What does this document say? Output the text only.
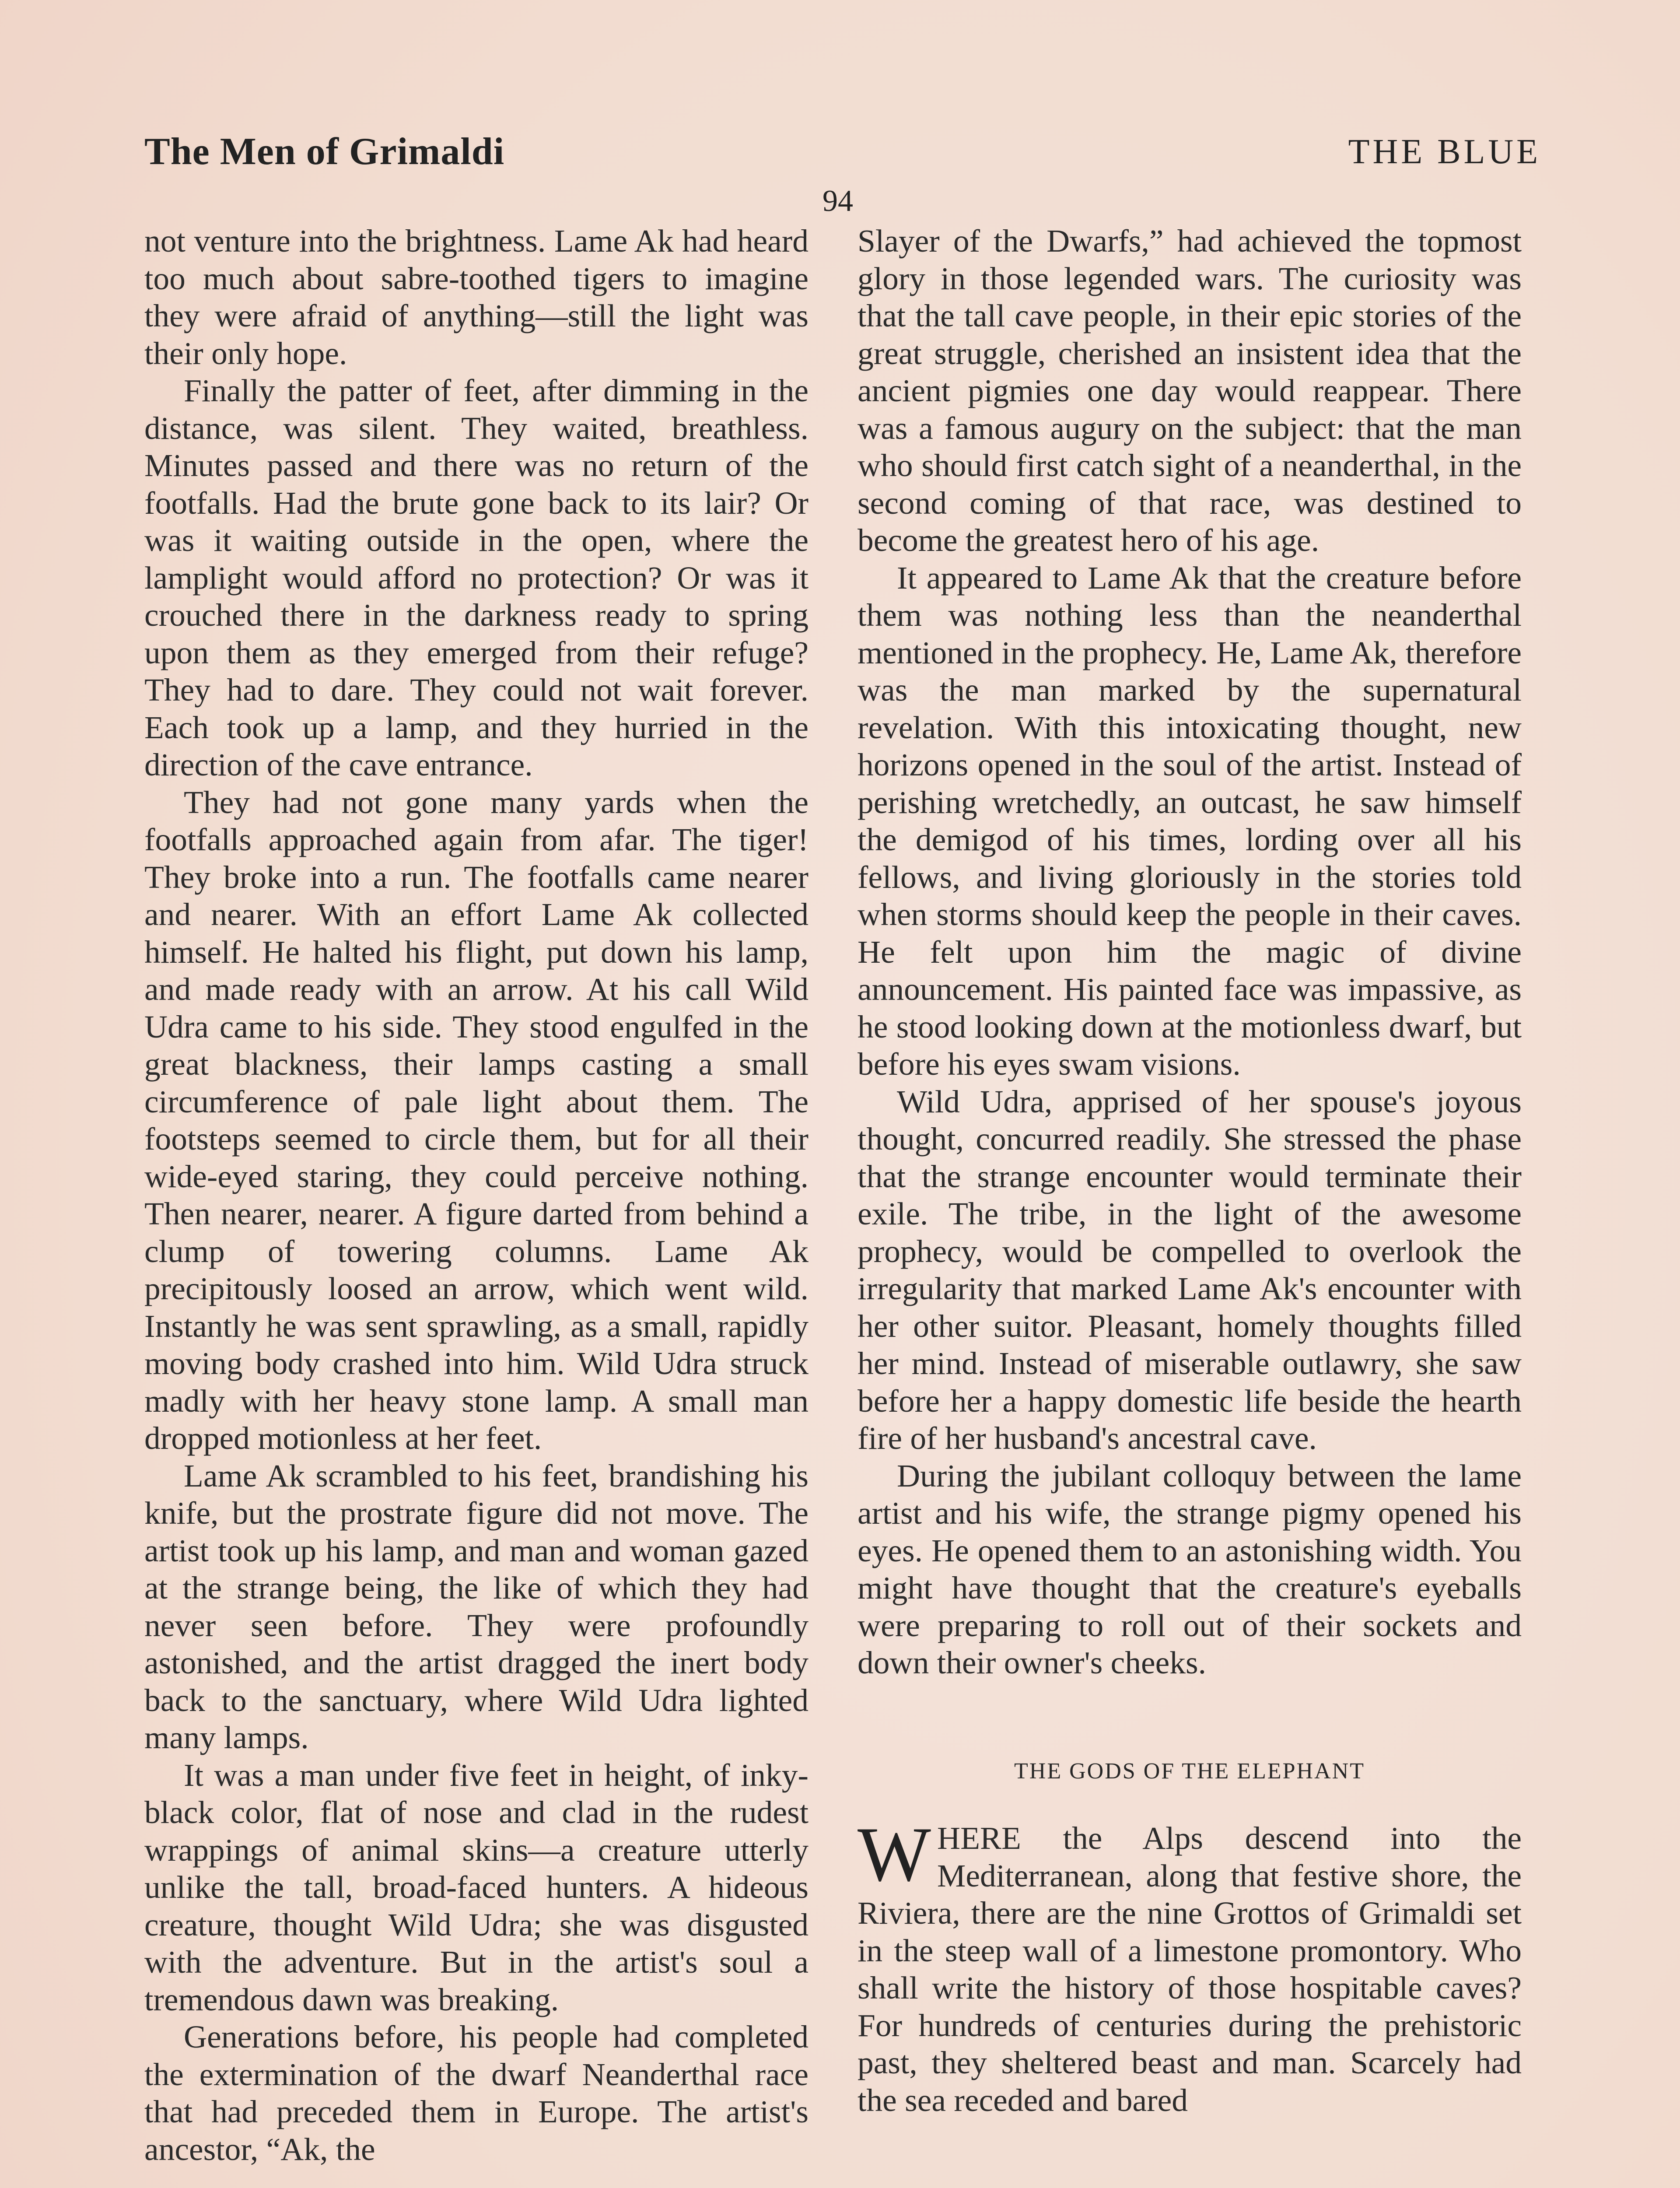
The Men of Grimaldi	THE BLUE
94

not venture into the brightness. Lame Ak had heard too much about sabre-toothed tigers to imagine they were afraid of anything—still the light was their only hope.

Finally the patter of feet, after dimming in the distance, was silent. They waited, breathless. Minutes passed and there was no return of the footfalls. Had the brute gone back to its lair? Or was it waiting outside in the open, where the lamplight would afford no protection? Or was it crouched there in the darkness ready to spring upon them as they emerged from their refuge? They had to dare. They could not wait forever. Each took up a lamp, and they hurried in the direction of the cave entrance.

They had not gone many yards when the footfalls approached again from afar. The tiger! They broke into a run. The footfalls came nearer and nearer. With an effort Lame Ak collected himself. He halted his flight, put down his lamp, and made ready with an arrow. At his call Wild Udra came to his side. They stood engulfed in the great blackness, their lamps casting a small circumference of pale light about them. The footsteps seemed to circle them, but for all their wide-eyed staring, they could perceive nothing. Then nearer, nearer. A figure darted from behind a clump of towering columns. Lame Ak precipitously loosed an arrow, which went wild. Instantly he was sent sprawling, as a small, rapidly moving body crashed into him. Wild Udra struck madly with her heavy stone lamp. A small man dropped motionless at her feet.

Lame Ak scrambled to his feet, brandishing his knife, but the prostrate figure did not move. The artist took up his lamp, and man and woman gazed at the strange being, the like of which they had never seen before. They were profoundly astonished, and the artist dragged the inert body back to the sanctuary, where Wild Udra lighted many lamps.

It was a man under five feet in height, of inky-black color, flat of nose and clad in the rudest wrappings of animal skins—a creature utterly unlike the tall, broad-faced hunters. A hideous creature, thought Wild Udra; she was disgusted with the adventure. But in the artist's soul a tremendous dawn was breaking.

Generations before, his people had completed the extermination of the dwarf Neanderthal race that had preceded them in Europe. The artist's ancestor, “Ak, the

Slayer of the Dwarfs,” had achieved the topmost glory in those legended wars. The curiosity was that the tall cave people, in their epic stories of the great struggle, cherished an insistent idea that the ancient pigmies one day would reappear. There was a famous augury on the subject: that the man who should first catch sight of a neanderthal, in the second coming of that race, was destined to become the greatest hero of his age.

It appeared to Lame Ak that the creature before them was nothing less than the neanderthal mentioned in the prophecy. He, Lame Ak, therefore was the man marked by the supernatural revelation. With this intoxicating thought, new horizons opened in the soul of the artist. Instead of perishing wretchedly, an outcast, he saw himself the demigod of his times, lording over all his fellows, and living gloriously in the stories told when storms should keep the people in their caves. He felt upon him the magic of divine announcement. His painted face was impassive, as he stood looking down at the motionless dwarf, but before his eyes swam visions.

Wild Udra, apprised of her spouse's joyous thought, concurred readily. She stressed the phase that the strange encounter would terminate their exile. The tribe, in the light of the awesome prophecy, would be compelled to overlook the irregularity that marked Lame Ak's encounter with her other suitor. Pleasant, homely thoughts filled her mind. Instead of miserable outlawry, she saw before her a happy domestic life beside the hearth fire of her husband's ancestral cave.

During the jubilant colloquy between the lame artist and his wife, the strange pigmy opened his eyes. He opened them to an astonishing width. You might have thought that the creature's eyeballs were preparing to roll out of their sockets and down their owner's cheeks.

THE GODS OF THE ELEPHANT

WHERE the Alps descend into the Mediterranean, along that festive shore, the Riviera, there are the nine Grottos of Grimaldi set in the steep wall of a limestone promontory. Who shall write the history of those hospitable caves? For hundreds of centuries during the prehistoric past, they sheltered beast and man. Scarcely had the sea receded and bared
